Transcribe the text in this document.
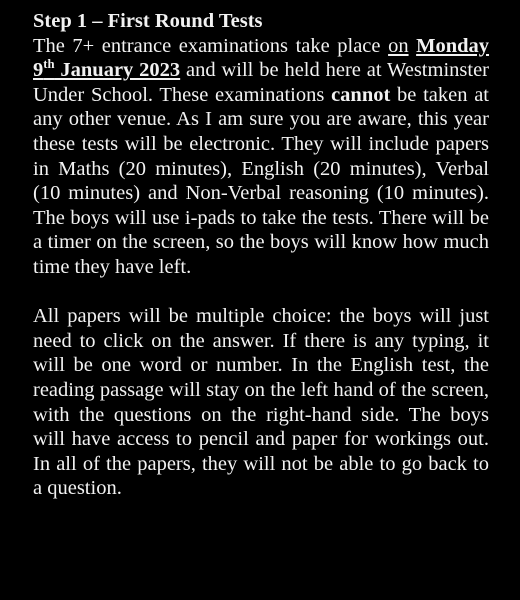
Step 1 – First Round Tests

The 7+ entrance examinations take place on Monday 9th January 2023 and will be held here at Westminster Under School. These examinations cannot be taken at any other venue. As I am sure you are aware, this year these tests will be electronic. They will include papers in Maths (20 minutes), English (20 minutes), Verbal (10 minutes) and Non-Verbal reasoning (10 minutes). The boys will use i-pads to take the tests. There will be a timer on the screen, so the boys will know how much time they have left.

All papers will be multiple choice: the boys will just need to click on the answer. If there is any typing, it will be one word or number. In the English test, the reading passage will stay on the left hand of the screen, with the questions on the right-hand side. The boys will have access to pencil and paper for workings out. In all of the papers, they will not be able to go back to a question.
